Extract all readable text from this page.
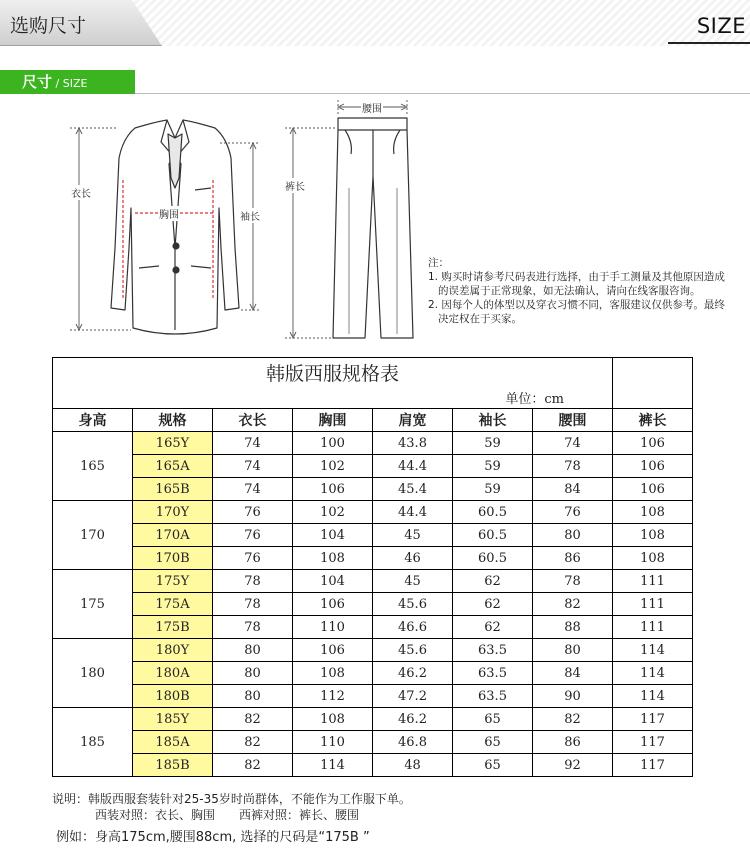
选购尺寸	SIZE
尺寸 / SIZE
衣长
胸围	袖长
裤长
腰围
注：
1. 购买时请参考尺码表进行选择，由于手工测量及其他原因造成的误差属于正常现象，如无法确认，请向在线客服咨询。
2. 因每个人的体型以及穿衣习惯不同，客服建议仅供参考。最终决定权在于买家。
韩版西服规格表							
单位：cm							
身高	规格	衣长	胸围	肩宽	袖长	腰围	裤长
165	165Y	74	100	43.8	59	74	106
	165A	74	102	44.4	59	78	106
	165B	74	106	45.4	59	84	106
170	170Y	76	102	44.4	60.5	76	108
	170A	76	104	45	60.5	80	108
	170B	76	108	46	60.5	86	108
175	175Y	78	104	45	62	78	111
	175A	78	106	45.6	62	82	111
	175B	78	110	46.6	62	88	111
180	180Y	80	106	45.6	63.5	80	114
	180A	80	108	46.2	63.5	84	114
	180B	80	112	47.2	63.5	90	114
185	185Y	82	108	46.2	65	82	117
	185A	82	110	46.8	65	86	117
	185B	82	114	48	65	92	117
说明：韩版西服套装针对25-35岁时尚群体，不能作为工作服下单。
西装对照：衣长、胸围　　西裤对照：裤长、腰围
例如：身高175cm,腰围88cm, 选择的尺码是“175B ”
